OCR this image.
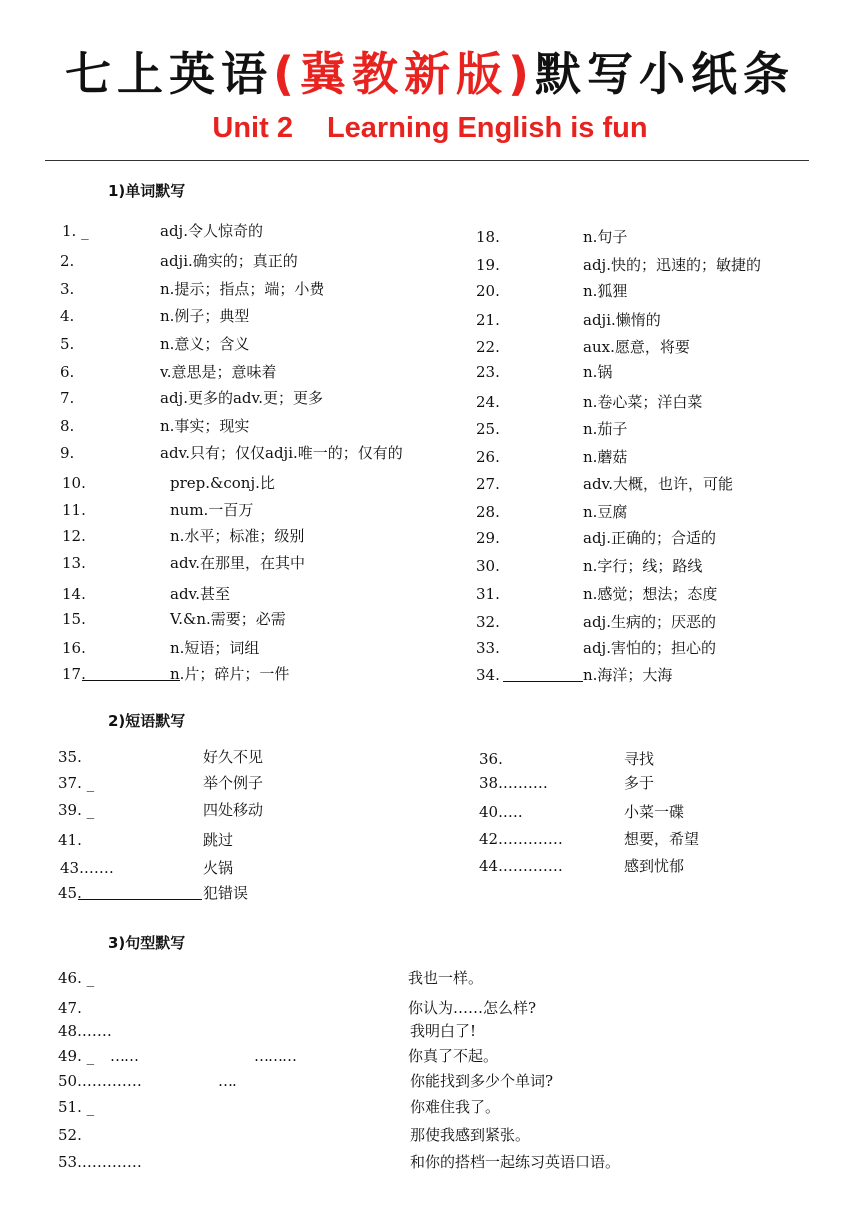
七上英语(冀教新版)默写小纸条
Unit 2 Learning English is fun
1)单词默写
2)短语默写
3)句型默写
1. _	adj.令人惊奇的
2.	adji.确实的；真正的
3.	n.提示；指点；端；小费
4.	n.例子；典型
5.	n.意义；含义
6.	v.意思是；意味着
7.	adj.更多的adv.更；更多
8.	n.事实；现实
9.	adv.只有；仅仅adji.唯一的；仅有的
10.	prep.&conj.比
11.	num.一百万
12.	n.水平；标准；级别
13.	adv.在那里，在其中
14.	adv.甚至
15.	V.&n.需要；必需
16.	n.短语；词组
17.	n.片；碎片；一件
18.	n.句子
19.	adj.快的；迅速的；敏捷的
20.	n.狐狸
21.	adji.懒惰的
22.	aux.愿意，将要
23.	n.锅
24.	n.卷心菜；洋白菜
25.	n.茄子
26.	n.蘑菇
27.	adv.大概，也许，可能
28.	n.豆腐
29.	adj.正确的；合适的
30.	n.字行；线；路线
31.	n.感觉；想法；态度
32.	adj.生病的；厌恶的
33.	adj.害怕的；担心的
34.	n.海洋；大海
35.	好久不见
37. _	举个例子
39. _	四处移动
41.	跳过
43.……	火锅
45.	犯错误
36.	寻找
38.………	多于
40.….	小菜一碟
42.…………	想要，希望
44.…………	感到忧郁
46. _	我也一样。
47.	你认为……怎么样?
48.……	我明白了!
49. _ ……	………	你真了不起。
50.…………	….	你能找到多少个单词?
51. _	你难住我了。
52.	那使我感到紧张。
53.…………	和你的搭档一起练习英语口语。
